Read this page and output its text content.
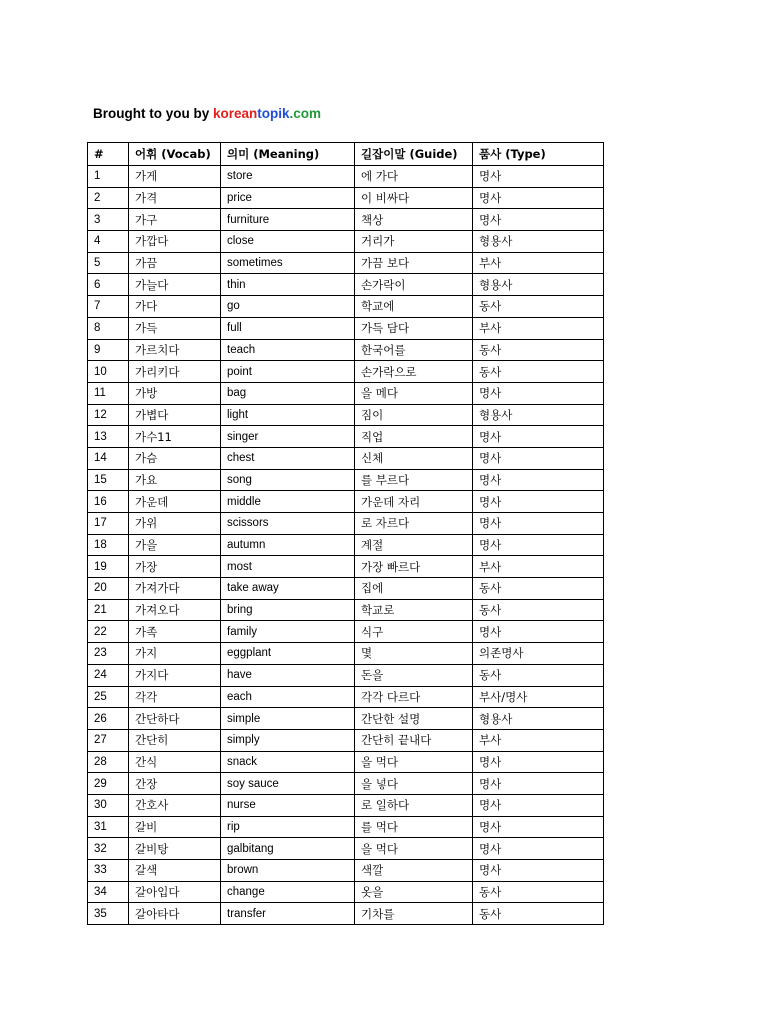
Brought to you by koreantopik.com
#	어휘 (Vocab)	의미 (Meaning)	길잡이말 (Guide)	품사 (Type)
1	가게	store	에 가다	명사
2	가격	price	이 비싸다	명사
3	가구	furniture	책상	명사
4	가깝다	close	거리가	형용사
5	가끔	sometimes	가끔 보다	부사
6	가늘다	thin	손가락이	형용사
7	가다	go	학교에	동사
8	가득	full	가득 담다	부사
9	가르치다	teach	한국어를	동사
10	가리키다	point	손가락으로	동사
11	가방	bag	을 메다	명사
12	가볍다	light	짐이	형용사
13	가수11	singer	직업	명사
14	가슴	chest	신체	명사
15	가요	song	를 부르다	명사
16	가운데	middle	가운데 자리	명사
17	가위	scissors	로 자르다	명사
18	가을	autumn	계절	명사
19	가장	most	가장 빠르다	부사
20	가져가다	take away	집에	동사
21	가져오다	bring	학교로	동사
22	가족	family	식구	명사
23	가지	eggplant	몇	의존명사
24	가지다	have	돈을	동사
25	각각	each	각각 다르다	부사/명사
26	간단하다	simple	간단한 설명	형용사
27	간단히	simply	간단히 끝내다	부사
28	간식	snack	을 먹다	명사
29	간장	soy sauce	을 넣다	명사
30	간호사	nurse	로 일하다	명사
31	갈비	rip	를 먹다	명사
32	갈비탕	galbitang	을 먹다	명사
33	갈색	brown	색깔	명사
34	갈아입다	change	옷을	동사
35	갈아타다	transfer	기차를	동사
